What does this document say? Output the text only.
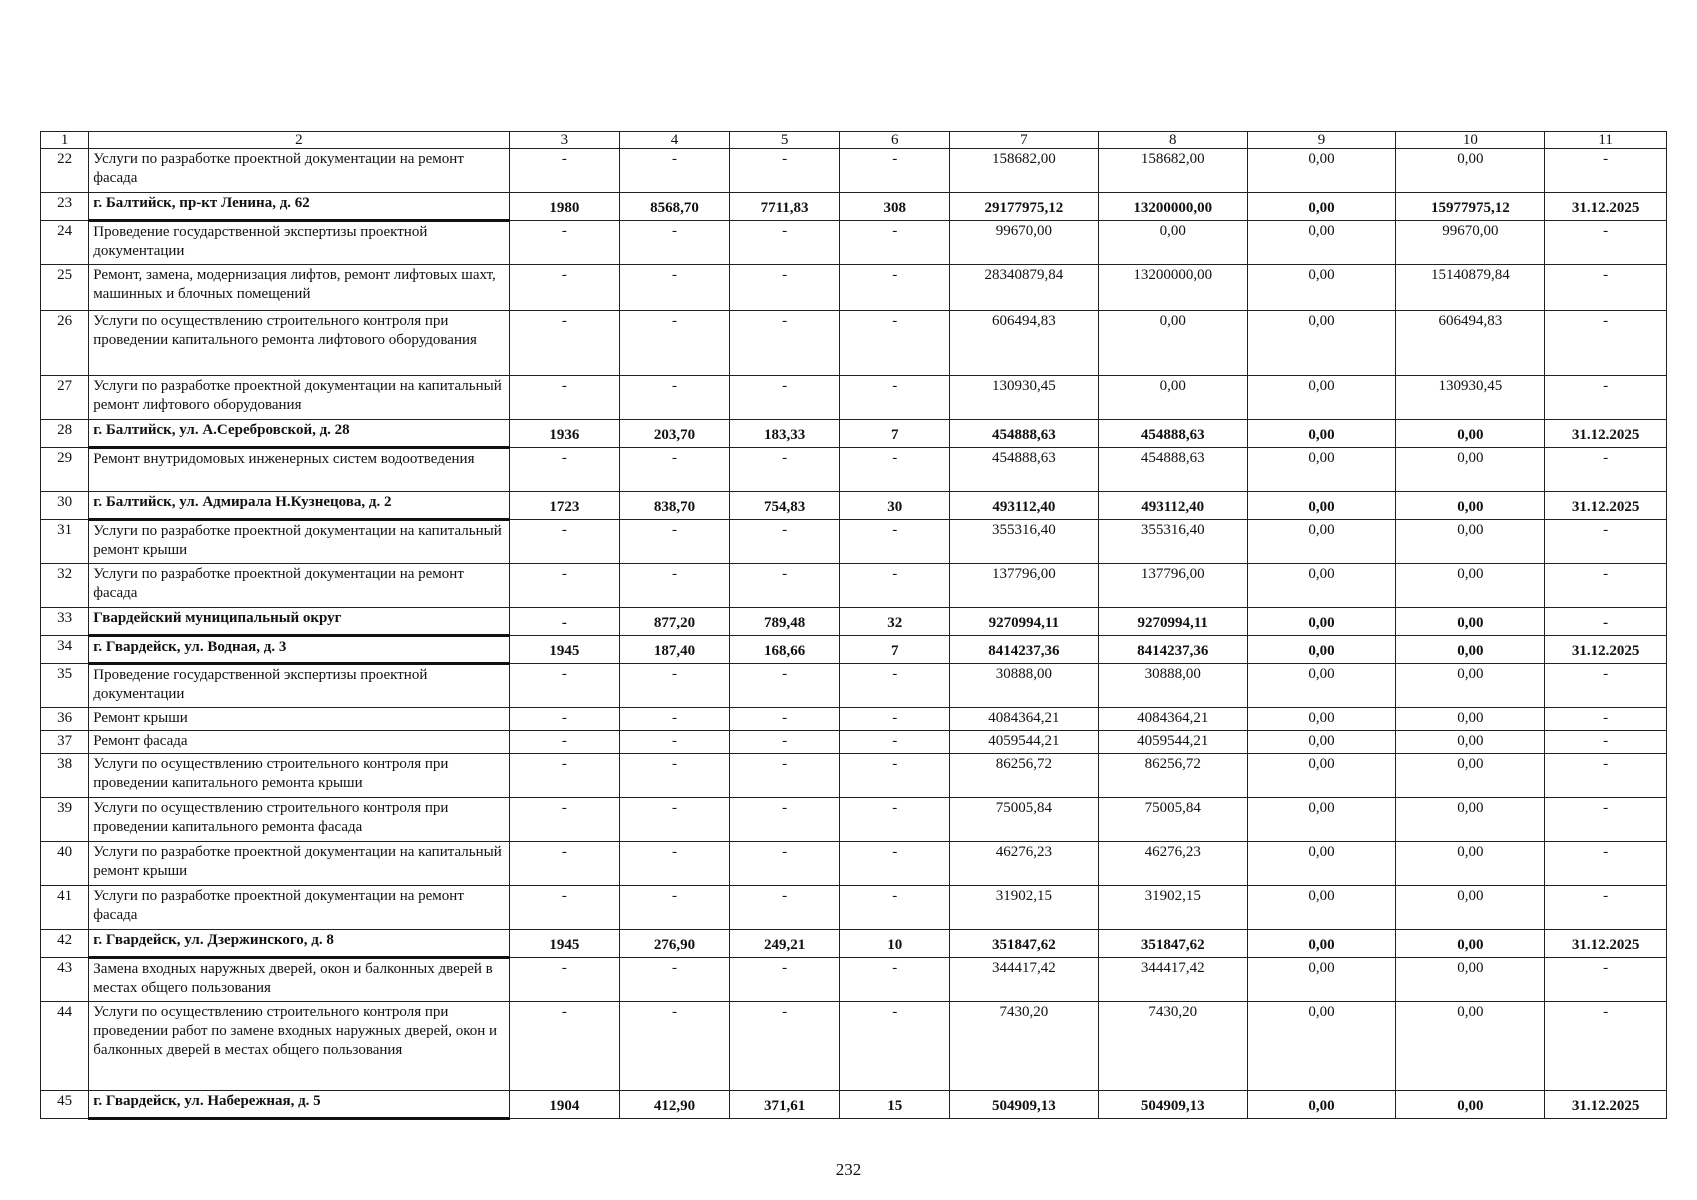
1	2	3	4	5	6	7	8	9	10	11
22	Услуги по разработке проектной документации на ремонт фасада	-	-	-	-	158682,00	158682,00	0,00	0,00	-
23	г. Балтийск, пр-кт Ленина, д. 62	1980	8568,70	7711,83	308	29177975,12	13200000,00	0,00	15977975,12	31.12.2025
24	Проведение государственной экспертизы проектной документации	-	-	-	-	99670,00	0,00	0,00	99670,00	-
25	Ремонт, замена, модернизация лифтов, ремонт лифтовых шахт, машинных и блочных помещений	-	-	-	-	28340879,84	13200000,00	0,00	15140879,84	-
26	Услуги по осуществлению строительного контроля при проведении капитального ремонта лифтового оборудования	-	-	-	-	606494,83	0,00	0,00	606494,83	-
27	Услуги по разработке проектной документации на капитальный ремонт лифтового оборудования	-	-	-	-	130930,45	0,00	0,00	130930,45	-
28	г. Балтийск, ул. А.Серебровской, д. 28	1936	203,70	183,33	7	454888,63	454888,63	0,00	0,00	31.12.2025
29	Ремонт внутридомовых инженерных систем водоотведения	-	-	-	-	454888,63	454888,63	0,00	0,00	-
30	г. Балтийск, ул. Адмирала Н.Кузнецова, д. 2	1723	838,70	754,83	30	493112,40	493112,40	0,00	0,00	31.12.2025
31	Услуги по разработке проектной документации на капитальный ремонт крыши	-	-	-	-	355316,40	355316,40	0,00	0,00	-
32	Услуги по разработке проектной документации на ремонт фасада	-	-	-	-	137796,00	137796,00	0,00	0,00	-
33	Гвардейский муниципальный округ	-	877,20	789,48	32	9270994,11	9270994,11	0,00	0,00	-
34	г. Гвардейск, ул. Водная, д. 3	1945	187,40	168,66	7	8414237,36	8414237,36	0,00	0,00	31.12.2025
35	Проведение государственной экспертизы проектной документации	-	-	-	-	30888,00	30888,00	0,00	0,00	-
36	Ремонт крыши	-	-	-	-	4084364,21	4084364,21	0,00	0,00	-
37	Ремонт фасада	-	-	-	-	4059544,21	4059544,21	0,00	0,00	-
38	Услуги по осуществлению строительного контроля при проведении капитального ремонта крыши	-	-	-	-	86256,72	86256,72	0,00	0,00	-
39	Услуги по осуществлению строительного контроля при проведении капитального ремонта фасада	-	-	-	-	75005,84	75005,84	0,00	0,00	-
40	Услуги по разработке проектной документации на капитальный ремонт крыши	-	-	-	-	46276,23	46276,23	0,00	0,00	-
41	Услуги по разработке проектной документации на ремонт фасада	-	-	-	-	31902,15	31902,15	0,00	0,00	-
42	г. Гвардейск, ул. Дзержинского, д. 8	1945	276,90	249,21	10	351847,62	351847,62	0,00	0,00	31.12.2025
43	Замена входных наружных дверей, окон и балконных дверей в местах общего пользования	-	-	-	-	344417,42	344417,42	0,00	0,00	-
44	Услуги по осуществлению строительного контроля при проведении работ по замене входных наружных дверей, окон и балконных дверей в местах общего пользования	-	-	-	-	7430,20	7430,20	0,00	0,00	-
45	г. Гвардейск, ул. Набережная, д. 5	1904	412,90	371,61	15	504909,13	504909,13	0,00	0,00	31.12.2025
232
